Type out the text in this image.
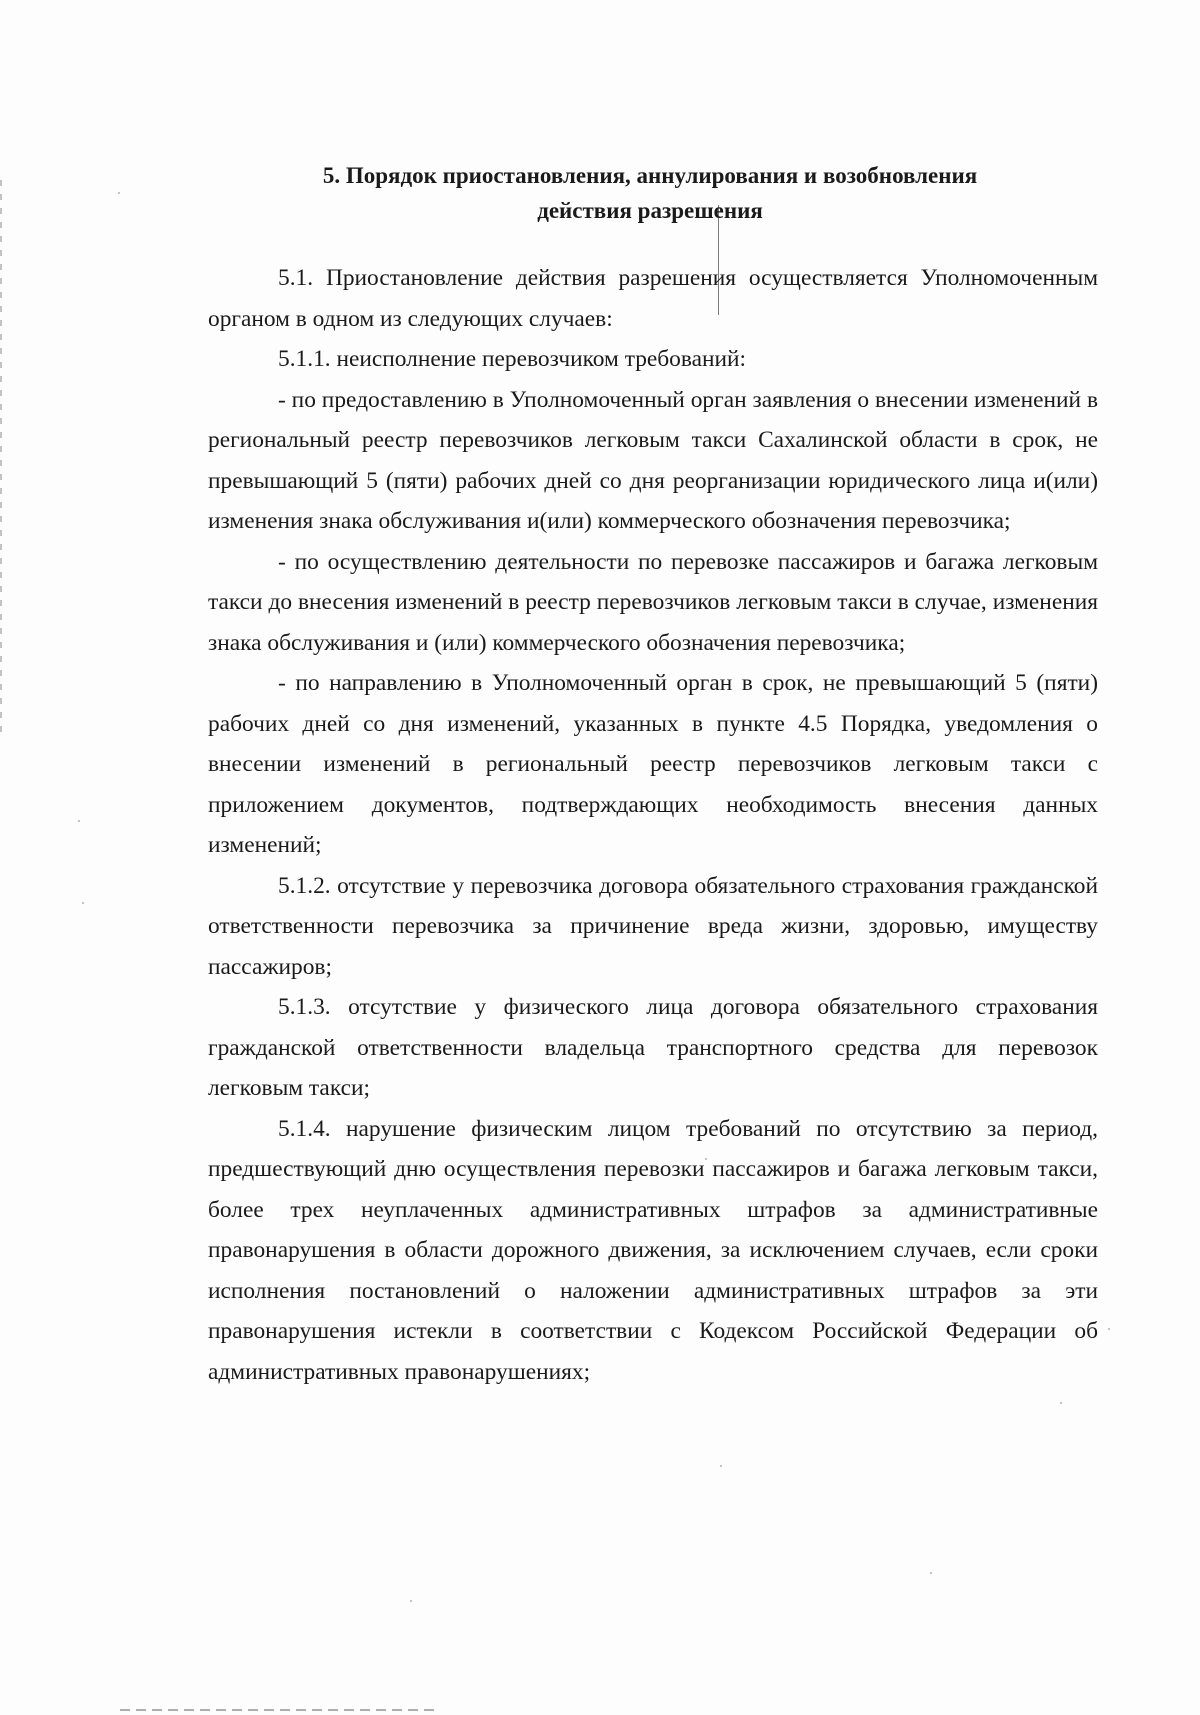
5. Порядок приостановления, аннулирования и возобновления
действия разрешения

5.1. Приостановление действия разрешения осуществляется Уполномоченным органом в одном из следующих случаев:

5.1.1. неисполнение перевозчиком требований:

- по предоставлению в Уполномоченный орган заявления о внесении изменений в региональный реестр перевозчиков легковым такси Сахалинской области в срок, не превышающий 5 (пяти) рабочих дней со дня реорганизации юридического лица и(или) изменения знака обслуживания и(или) коммерческого обозначения перевозчика;

- по осуществлению деятельности по перевозке пассажиров и багажа легковым такси до внесения изменений в реестр перевозчиков легковым такси в случае, изменения знака обслуживания и (или) коммерческого обозначения перевозчика;

- по направлению в Уполномоченный орган в срок, не превышающий 5 (пяти) рабочих дней со дня изменений, указанных в пункте 4.5 Порядка, уведомления о внесении изменений в региональный реестр перевозчиков легковым такси с приложением документов, подтверждающих необходимость внесения данных изменений;

5.1.2. отсутствие у перевозчика договора обязательного страхования гражданской ответственности перевозчика за причинение вреда жизни, здоровью, имуществу пассажиров;

5.1.3. отсутствие у физического лица договора обязательного страхования гражданской ответственности владельца транспортного средства для перевозок легковым такси;

5.1.4. нарушение физическим лицом требований по отсутствию за период, предшествующий дню осуществления перевозки пассажиров и багажа легковым такси, более трех неуплаченных административных штрафов за административные правонарушения в области дорожного движения, за исключением случаев, если сроки исполнения постановлений о наложении административных штрафов за эти правонарушения истекли в соответствии с Кодексом Российской Федерации об административных правонарушениях;
